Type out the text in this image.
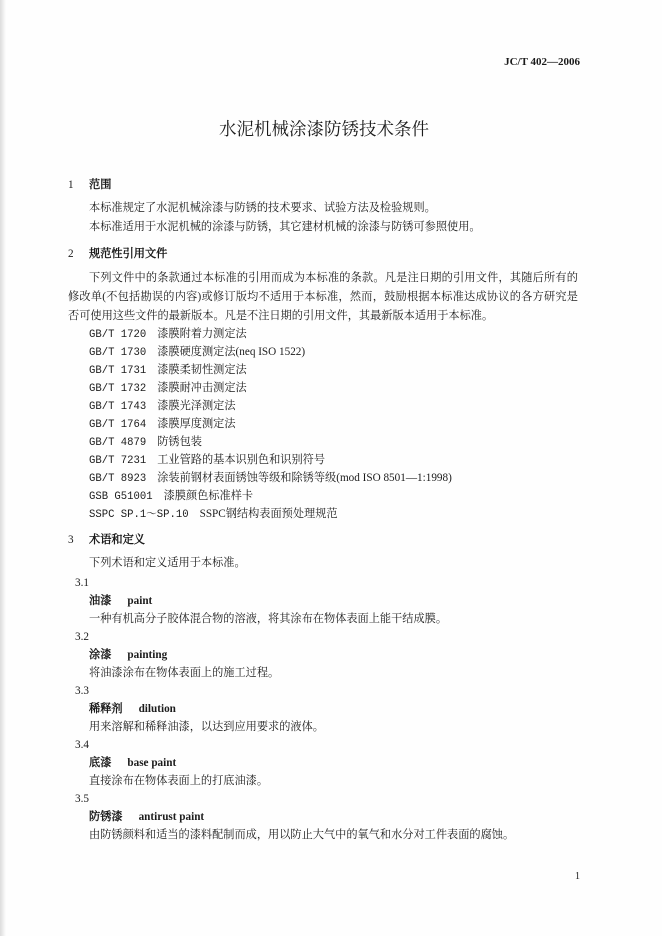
JC/T 402—2006
水泥机械涂漆防锈技术条件
1 范围

本标准规定了水泥机械涂漆与防锈的技术要求、试验方法及检验规则。

本标准适用于水泥机械的涂漆与防锈，其它建材机械的涂漆与防锈可参照使用。

2 规范性引用文件

下列文件中的条款通过本标准的引用而成为本标准的条款。凡是注日期的引用文件，其随后所有的修改单(不包括勘误的内容)或修订版均不适用于本标准，然而，鼓励根据本标准达成协议的各方研究是否可使用这些文件的最新版本。凡是不注日期的引用文件，其最新版本适用于本标准。

GB/T 1720 漆膜附着力测定法
GB/T 1730 漆膜硬度测定法(neq ISO 1522)
GB/T 1731 漆膜柔韧性测定法
GB/T 1732 漆膜耐冲击测定法
GB/T 1743 漆膜光泽测定法
GB/T 1764 漆膜厚度测定法
GB/T 4879 防锈包装
GB/T 7231 工业管路的基本识别色和识别符号
GB/T 8923 涂装前钢材表面锈蚀等级和除锈等级(mod ISO 8501—1:1998)
GSB G51001 漆膜颜色标准样卡
SSPC SP.1～SP.10 SSPC钢结构表面预处理规范
3 术语和定义

下列术语和定义适用于本标准。

3.1
油漆 paint
一种有机高分子胶体混合物的溶液，将其涂布在物体表面上能干结成膜。
3.2
涂漆 painting
将油漆涂布在物体表面上的施工过程。
3.3
稀释剂 dilution
用来溶解和稀释油漆，以达到应用要求的液体。
3.4
底漆 base paint
直接涂布在物体表面上的打底油漆。
3.5
防锈漆 antirust paint
由防锈颜料和适当的漆料配制而成，用以防止大气中的氧气和水分对工件表面的腐蚀。
1
